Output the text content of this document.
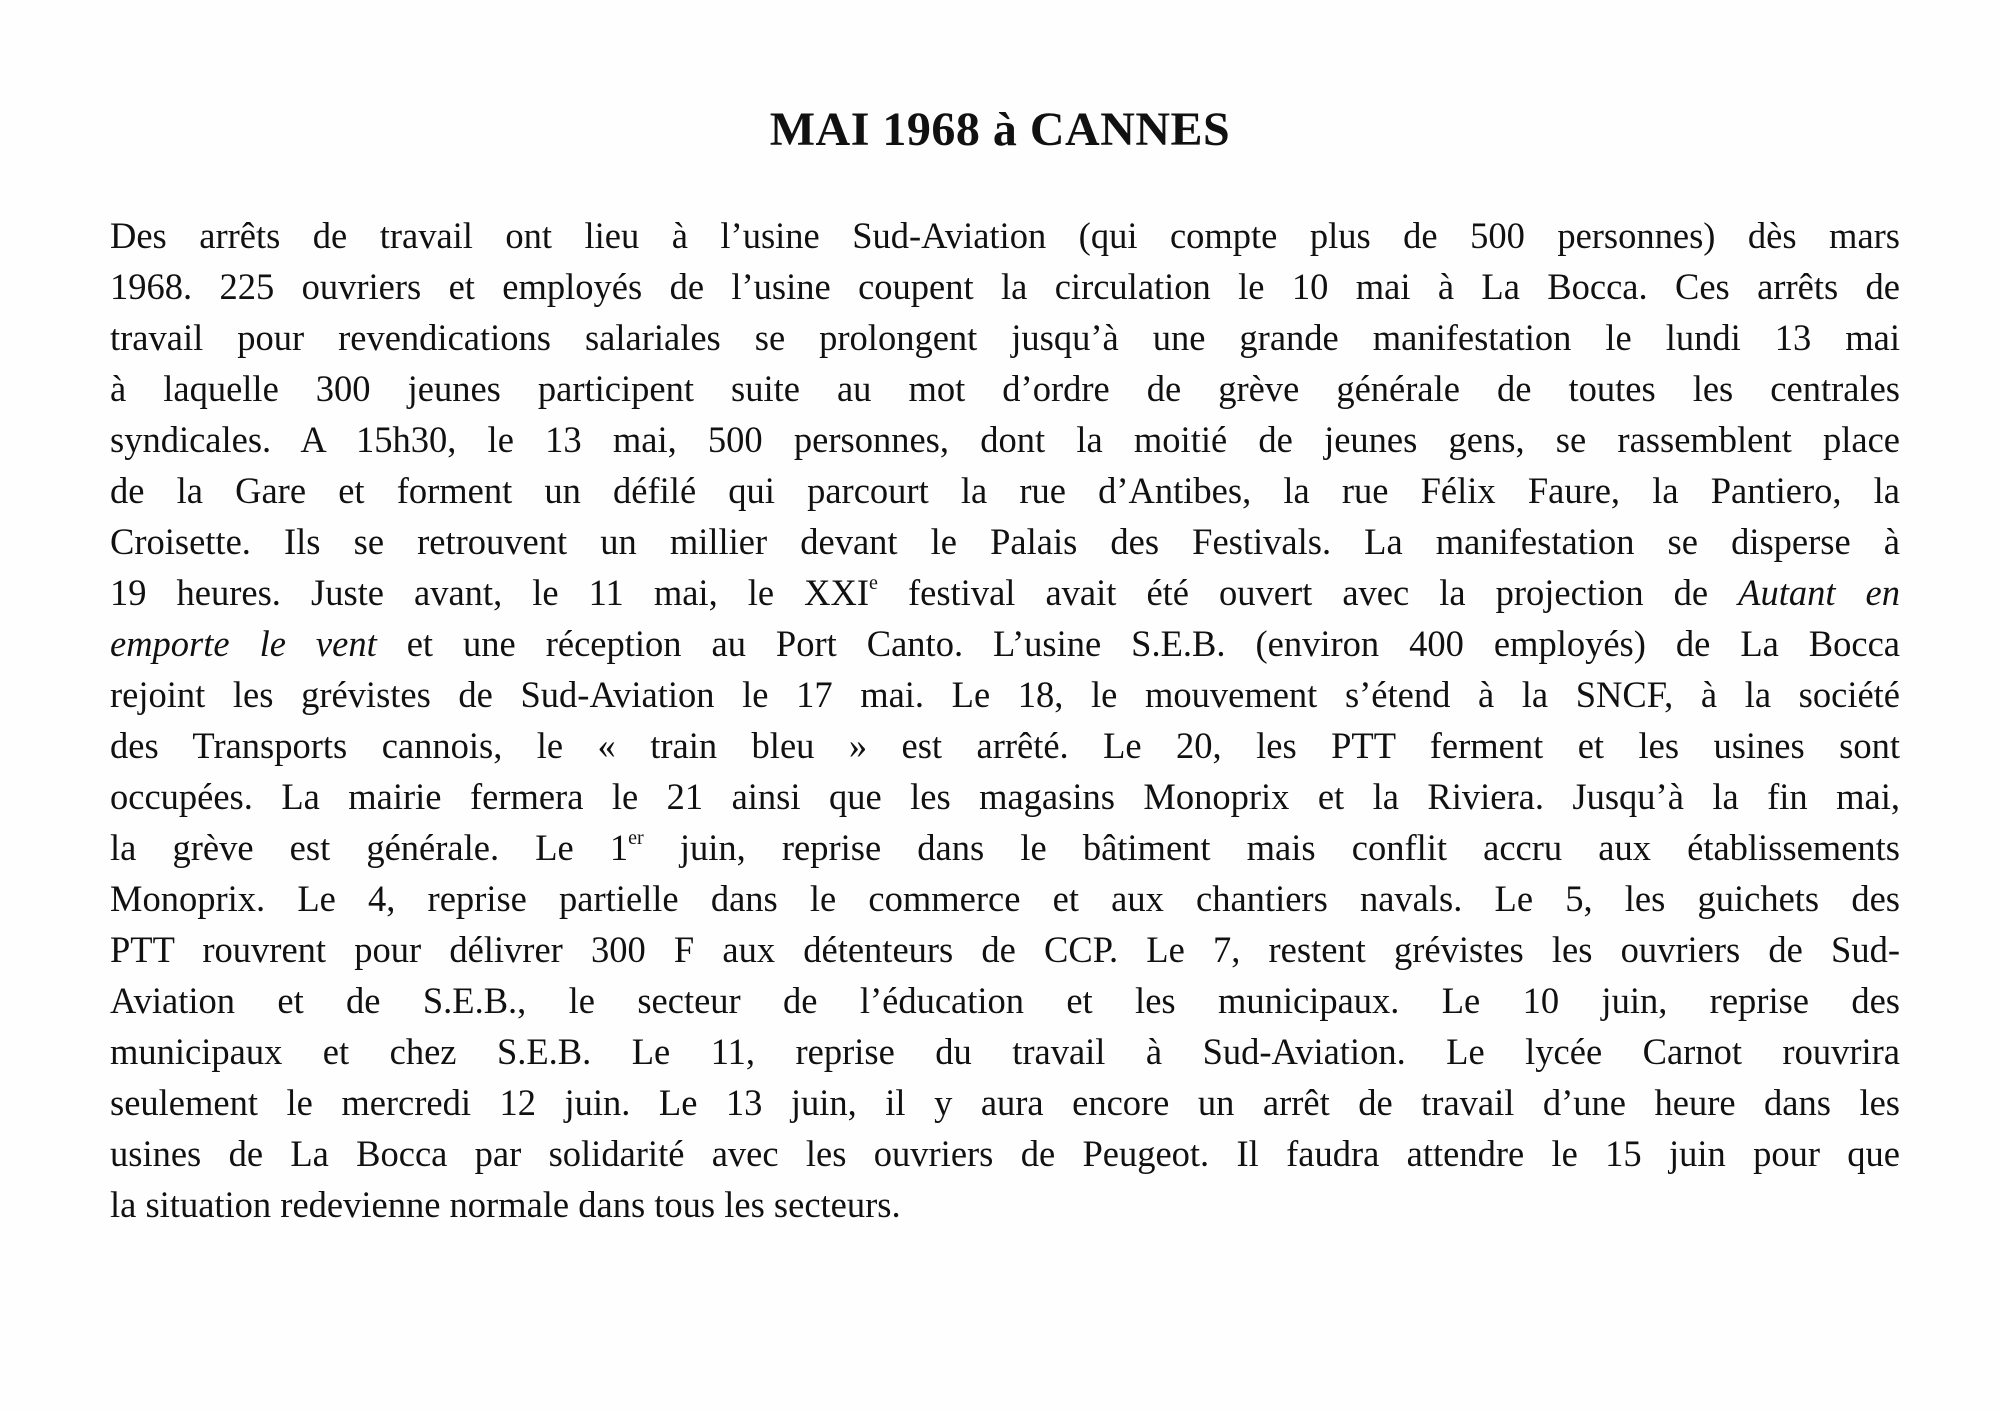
MAI 1968 à CANNES
Des arrêts de travail ont lieu à l’usine Sud-Aviation (qui compte plus de 500 personnes) dès mars
1968. 225 ouvriers et employés de l’usine coupent la circulation le 10 mai à La Bocca. Ces arrêts de
travail pour revendications salariales se prolongent jusqu’à une grande manifestation le lundi 13 mai
à laquelle 300 jeunes participent suite au mot d’ordre de grève générale de toutes les centrales
syndicales. A 15h30, le 13 mai, 500 personnes, dont la moitié de jeunes gens, se rassemblent place
de la Gare et forment un défilé qui parcourt la rue d’Antibes, la rue Félix Faure, la Pantiero, la
Croisette. Ils se retrouvent un millier devant le Palais des Festivals. La manifestation se disperse à
19 heures. Juste avant, le 11 mai, le XXIe festival avait été ouvert avec la projection de Autant en
emporte le vent et une réception au Port Canto. L’usine S.E.B. (environ 400 employés) de La Bocca
rejoint les grévistes de Sud-Aviation le 17 mai. Le 18, le mouvement s’étend à la SNCF, à la société
des Transports cannois, le « train bleu » est arrêté. Le 20, les PTT ferment et les usines sont
occupées. La mairie fermera le 21 ainsi que les magasins Monoprix et la Riviera. Jusqu’à la fin mai,
la grève est générale. Le 1er juin, reprise dans le bâtiment mais conflit accru aux établissements
Monoprix. Le 4, reprise partielle dans le commerce et aux chantiers navals. Le 5, les guichets des
PTT rouvrent pour délivrer 300 F aux détenteurs de CCP. Le 7, restent grévistes les ouvriers de Sud-
Aviation et de S.E.B., le secteur de l’éducation et les municipaux. Le 10 juin, reprise des
municipaux et chez S.E.B. Le 11, reprise du travail à Sud-Aviation. Le lycée Carnot rouvrira
seulement le mercredi 12 juin. Le 13 juin, il y aura encore un arrêt de travail d’une heure dans les
usines de La Bocca par solidarité avec les ouvriers de Peugeot. Il faudra attendre le 15 juin pour que
la situation redevienne normale dans tous les secteurs.
